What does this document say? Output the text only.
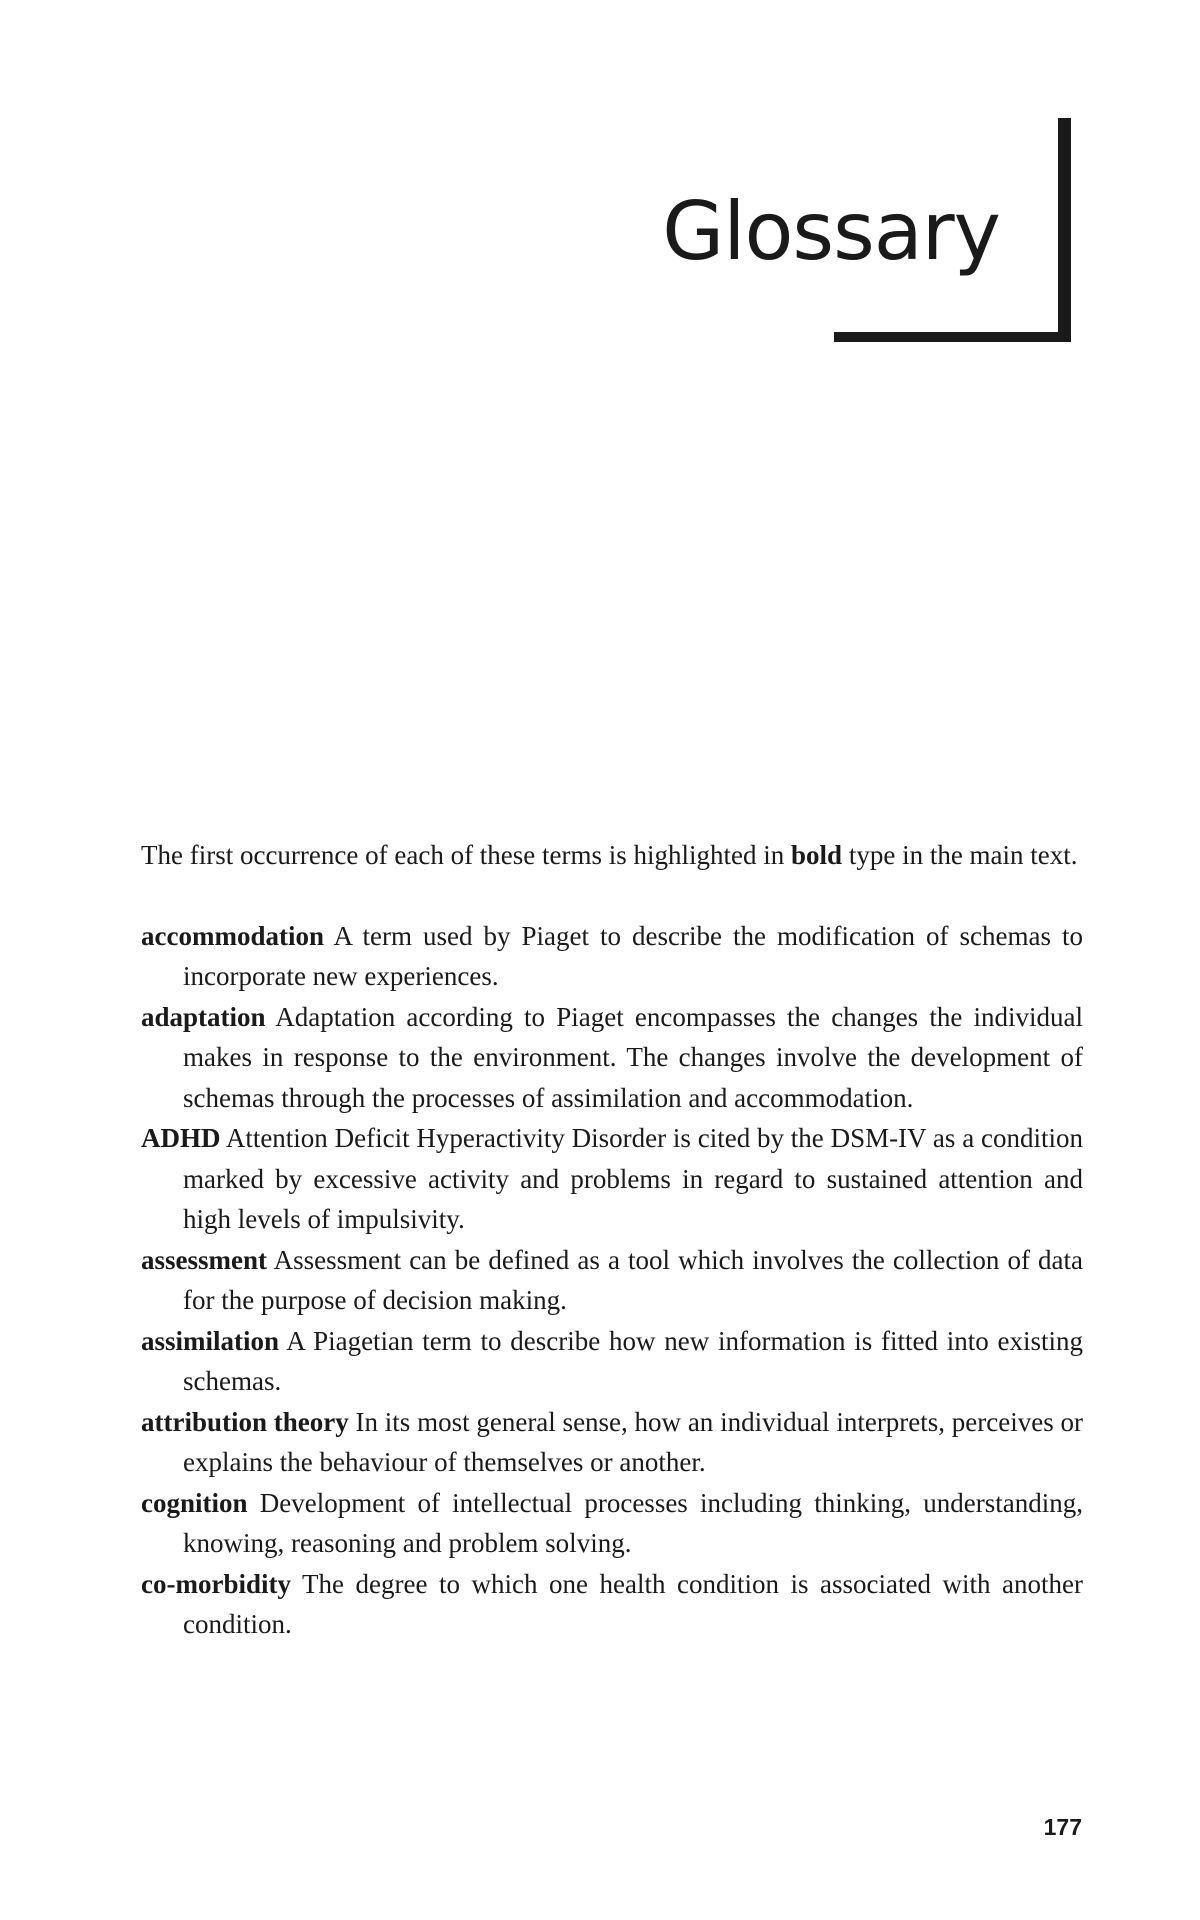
Glossary

The first occurrence of each of these terms is highlighted in bold type in the main text.

accommodation A term used by Piaget to describe the modification of schemas to incorporate new experiences.

adaptation Adaptation according to Piaget encompasses the changes the individual makes in response to the environment. The changes involve the development of schemas through the processes of assimilation and accommodation.

ADHD Attention Deficit Hyperactivity Disorder is cited by the DSM-IV as a condition marked by excessive activity and problems in regard to sustained attention and high levels of impulsivity.

assessment Assessment can be defined as a tool which involves the collection of data for the purpose of decision making.

assimilation A Piagetian term to describe how new information is fitted into existing schemas.

attribution theory In its most general sense, how an individual interprets, perceives or explains the behaviour of themselves or another.

cognition Development of intellectual processes including thinking, understanding, knowing, reasoning and problem solving.

co-morbidity The degree to which one health condition is associated with another condition.

177
